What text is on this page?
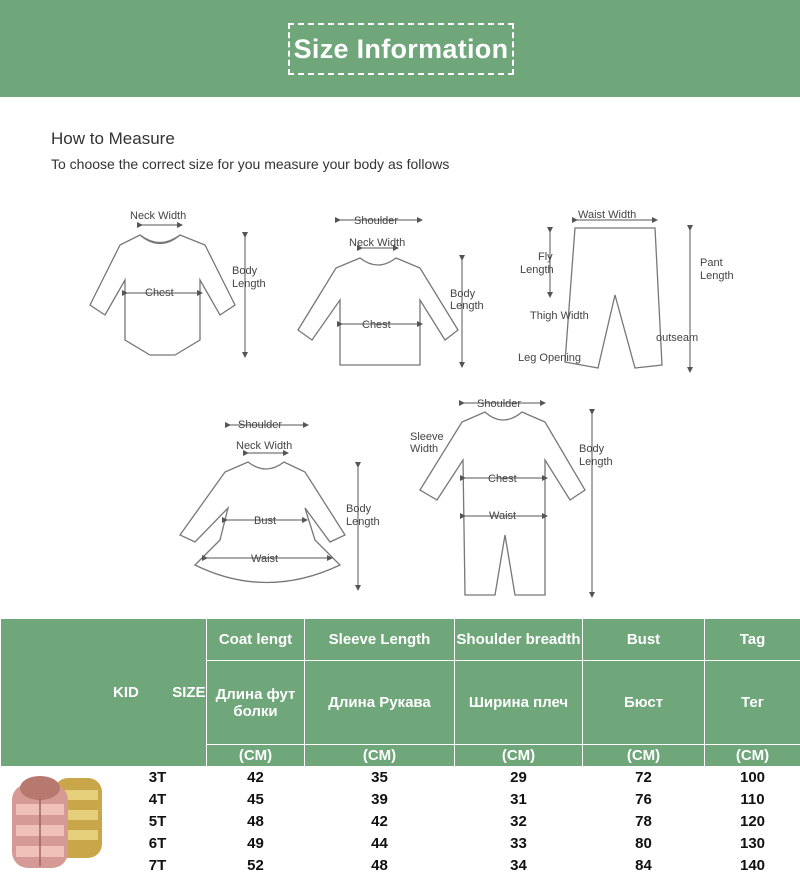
Size Information
How to Measure
To choose the correct size for you measure your body as follows
Neck Width
Chest
Body
Length
Shoulder
Neck Width
Chest
Body
Length
Waist Width
Fly
Length
Pant
Length
Thigh Width
outseam
Leg Opening
Shoulder
Neck Width
Bust
Waist
Body
Length
Shoulder
Sleeve
Width
Chest
Waist
Body
Length
KID SIZE		Coat lengt	Sleeve Length	Shoulder breadth	Bust	Tag
		Длина фут болки	Длина Рукава	Ширина плеч	Бюст	Тег
		(CM)	(CM)	(CM)	(CM)	(CM)

	3T	42	35	29	72	100
	4T	45	39	31	76	110
	5T	48	42	32	78	120
	6T	49	44	33	80	130
	7T	52	48	34	84	140
